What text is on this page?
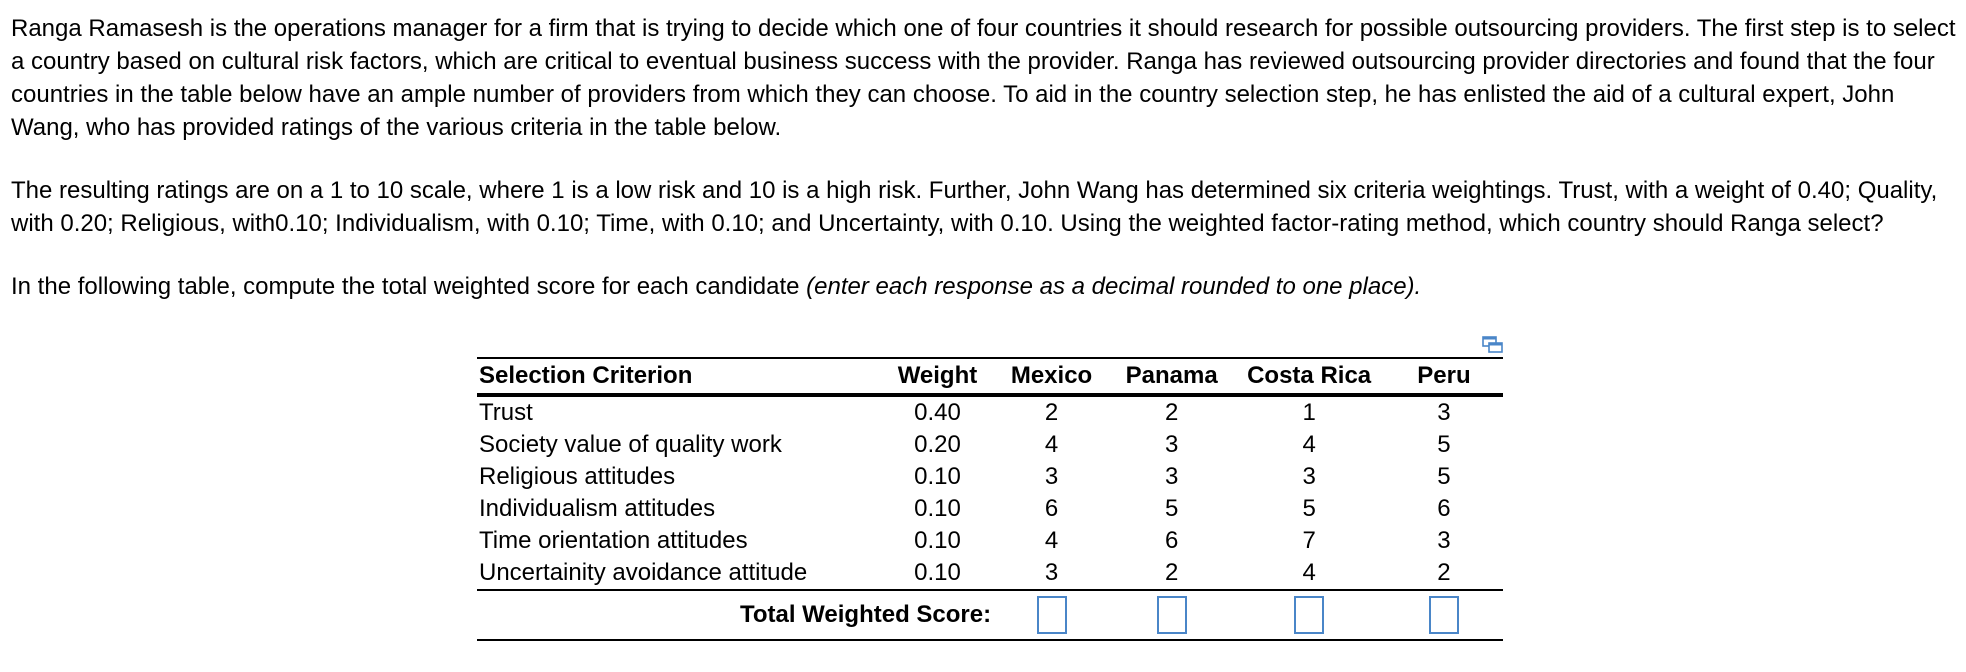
Ranga Ramasesh is the operations manager for a firm that is trying to decide which one of four countries it should research for possible outsourcing providers. The first step is to select a country based on cultural risk factors, which are critical to eventual business success with the provider. Ranga has reviewed outsourcing provider directories and found that the four countries in the table below have an ample number of providers from which they can choose. To aid in the country selection step, he has enlisted the aid of a cultural expert, John Wang, who has provided ratings of the various criteria in the table below.

The resulting ratings are on a 1 to 10 scale, where 1 is a low risk and 10 is a high risk. Further, John Wang has determined six criteria weightings. Trust, with a weight of 0.40; Quality, with 0.20; Religious, with0.10; Individualism, with 0.10; Time, with 0.10; and Uncertainty, with 0.10. Using the weighted factor-rating method, which country should Ranga select?

In the following table, compute the total weighted score for each candidate (enter each response as a decimal rounded to one place).

Selection Criterion	Weight	Mexico	Panama	Costa Rica	Peru
Trust	0.40	2	2	1	3
Society value of quality work	0.20	4	3	4	5
Religious attitudes	0.10	3	3	3	5
Individualism attitudes	0.10	6	5	5	6
Time orientation attitudes	0.10	4	6	7	3
Uncertainity avoidance attitude	0.10	3	2	4	2
Total Weighted Score:					
